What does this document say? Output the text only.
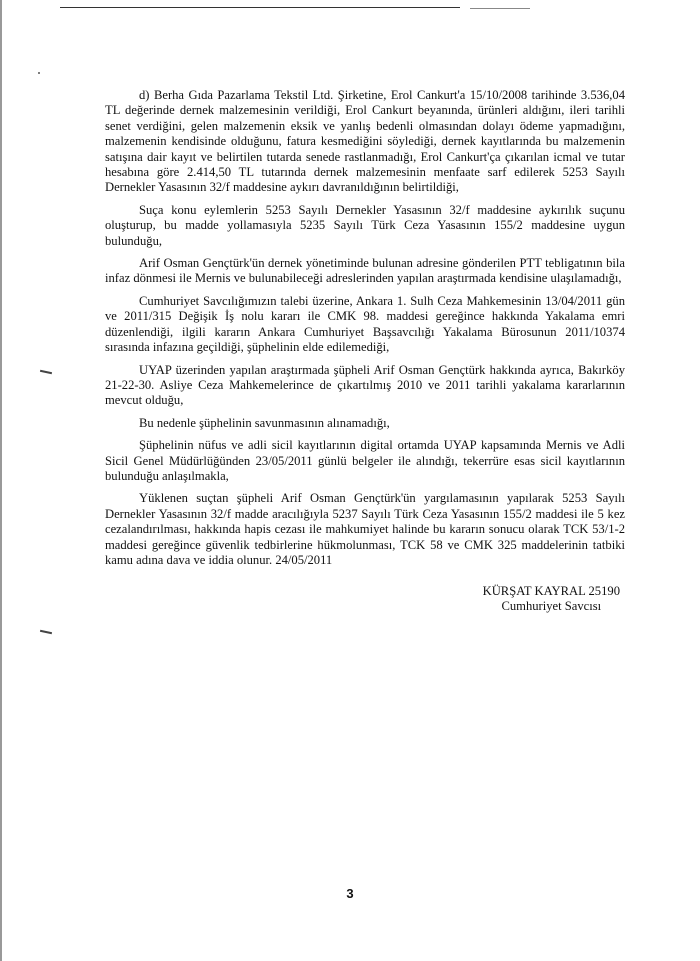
d) Berha Gıda Pazarlama Tekstil Ltd. Şirketine, Erol Cankurt'a 15/10/2008 tarihinde 3.536,04 TL değerinde dernek malzemesinin verildiği, Erol Cankurt beyanında, ürünleri aldığını, ileri tarihli senet verdiğini, gelen malzemenin eksik ve yanlış bedenli olmasından dolayı ödeme yapmadığını, malzemenin kendisinde olduğunu, fatura kesmediğini söylediği, dernek kayıtlarında bu malzemenin satışına dair kayıt ve belirtilen tutarda senede rastlanmadığı, Erol Cankurt'ça çıkarılan icmal ve tutar hesabına göre 2.414,50 TL tutarında dernek malzemesinin menfaate sarf edilerek 5253 Sayılı Dernekler Yasasının 32/f maddesine aykırı davranıldığının belirtildiği,

Suça konu eylemlerin 5253 Sayılı Dernekler Yasasının 32/f maddesine aykırılık suçunu oluşturup, bu madde yollamasıyla 5235 Sayılı Türk Ceza Yasasının 155/2 maddesine uygun bulunduğu,

Arif Osman Gençtürk'ün dernek yönetiminde bulunan adresine gönderilen PTT tebligatının bila infaz dönmesi ile Mernis ve bulunabileceği adreslerinden yapılan araştırmada kendisine ulaşılamadığı,

Cumhuriyet Savcılığımızın talebi üzerine, Ankara 1. Sulh Ceza Mahkemesinin 13/04/2011 gün ve 2011/315 Değişik İş nolu kararı ile CMK 98. maddesi gereğince hakkında Yakalama emri düzenlendiği, ilgili kararın Ankara Cumhuriyet Başsavcılığı Yakalama Bürosunun 2011/10374 sırasında infazına geçildiği, şüphelinin elde edilemediği,

UYAP üzerinden yapılan araştırmada şüpheli Arif Osman Gençtürk hakkında ayrıca, Bakırköy 21-22-30. Asliye Ceza Mahkemelerince de çıkartılmış 2010 ve 2011 tarihli yakalama kararlarının mevcut olduğu,

Bu nedenle şüphelinin savunmasının alınamadığı,

Şüphelinin nüfus ve adli sicil kayıtlarının digital ortamda UYAP kapsamında Mernis ve Adli Sicil Genel Müdürlüğünden 23/05/2011 günlü belgeler ile alındığı, tekerrüre esas sicil kayıtlarının bulunduğu anlaşılmakla,

Yüklenen suçtan şüpheli Arif Osman Gençtürk'ün yargılamasının yapılarak 5253 Sayılı Dernekler Yasasının 32/f madde aracılığıyla 5237 Sayılı Türk Ceza Yasasının 155/2 maddesi ile 5 kez cezalandırılması, hakkında hapis cezası ile mahkumiyet halinde bu kararın sonucu olarak TCK 53/1-2 maddesi gereğince güvenlik tedbirlerine hükmolunması, TCK 58 ve CMK 325 maddelerinin tatbiki kamu adına dava ve iddia olunur. 24/05/2011

KÜRŞAT KAYRAL 25190
Cumhuriyet Savcısı
3
